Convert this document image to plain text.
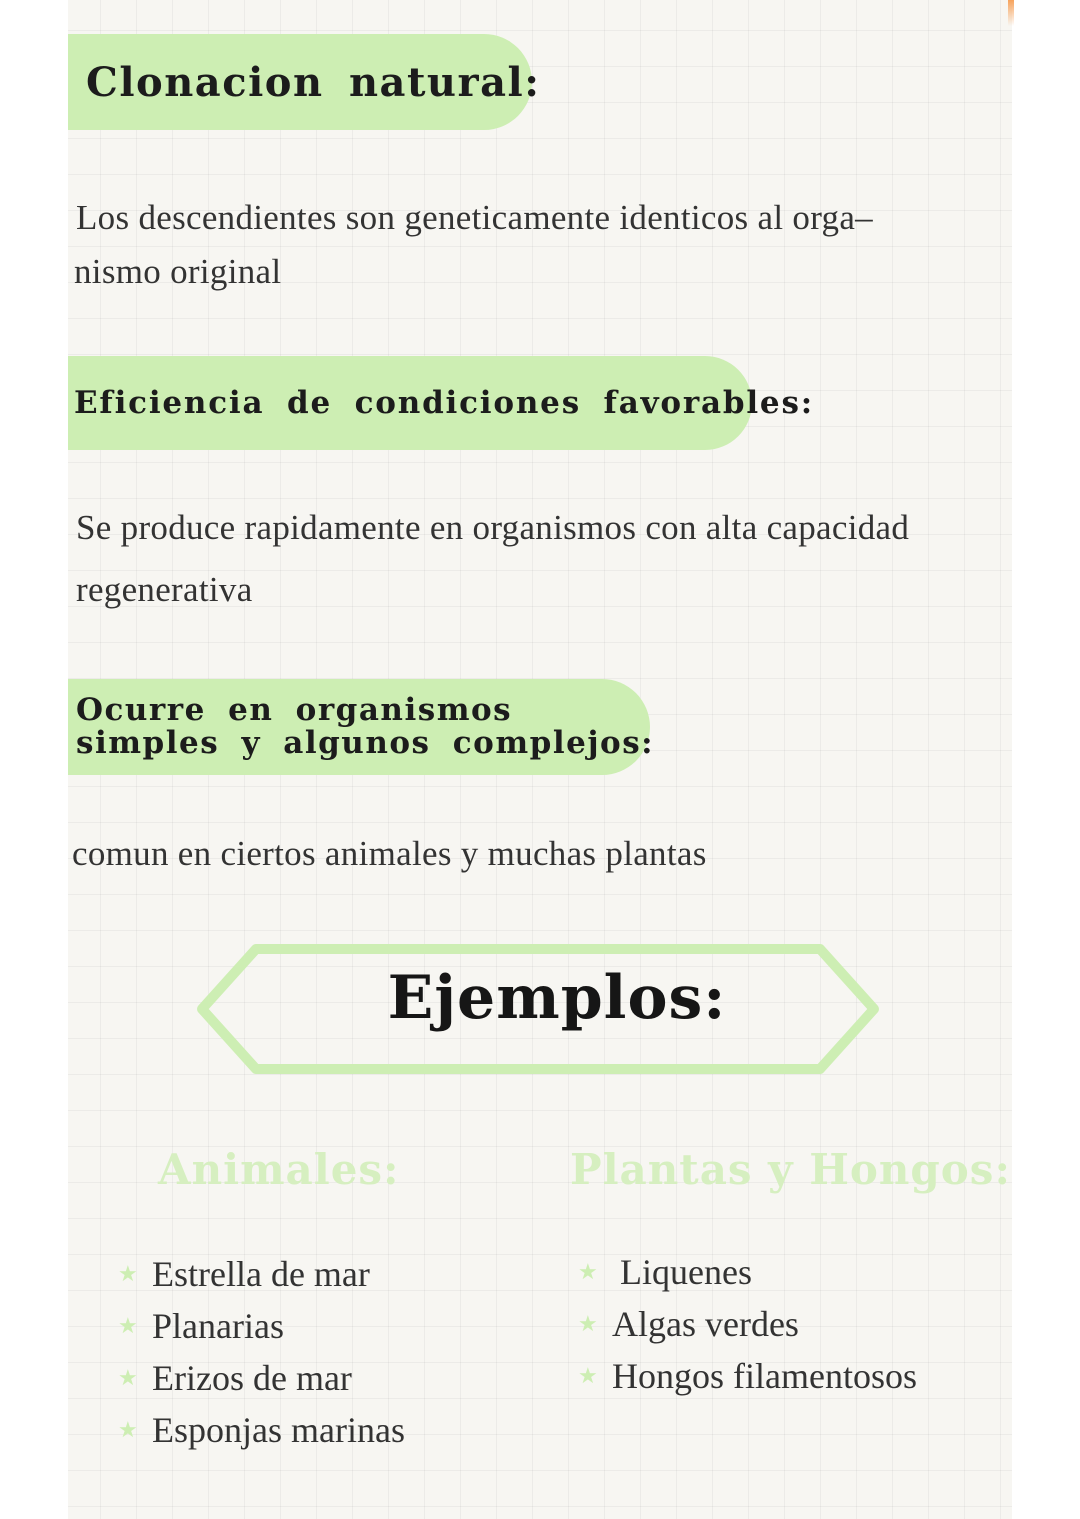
Clonacion natural:

Los descendientes son geneticamente identicos al orga–

nismo original

Eficiencia de condiciones favorables:

Se produce rapidamente en organismos con alta capacidad

regenerativa

Ocurre en organismos
simples y algunos complejos:

comun en ciertos animales y muchas plantas

Ejemplos:
Animales:	Plantas y Hongos:
★ Estrella de mar
★ Planarias
★ Erizos de mar
★ Esponjas marinas
★ Liquenes
★ Algas verdes
★ Hongos filamentosos
